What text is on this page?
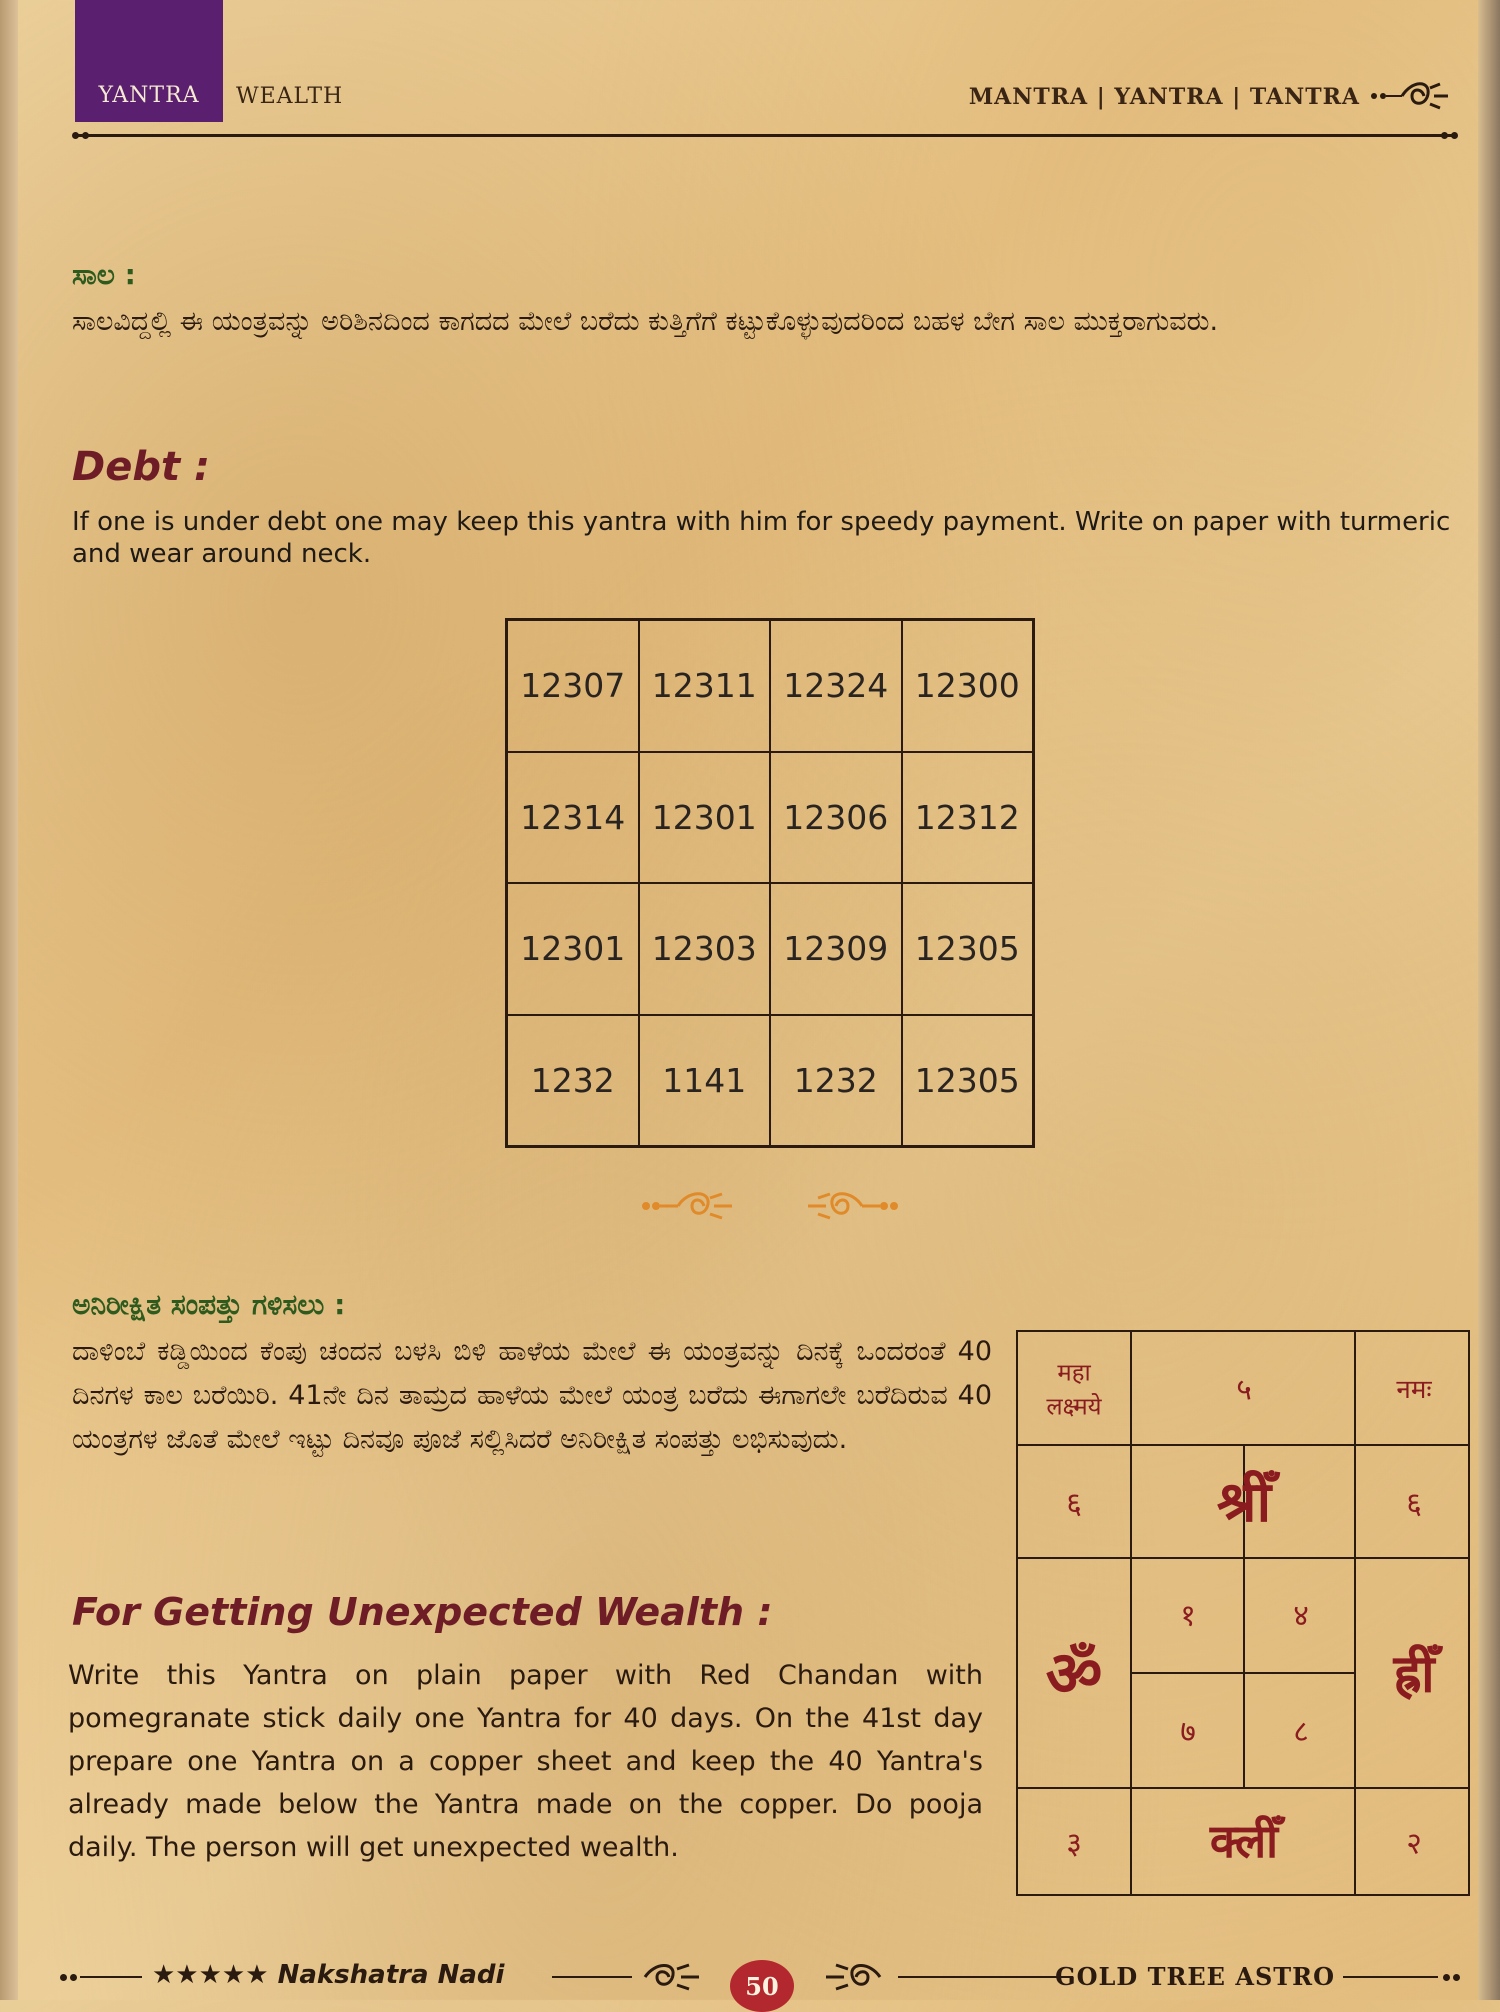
YANTRA	WEALTH	MANTRA | YANTRA | TANTRA
ಸಾಲ :
ಸಾಲವಿದ್ದಲ್ಲಿ ಈ ಯಂತ್ರವನ್ನು ಅರಿಶಿನದಿಂದ ಕಾಗದದ ಮೇಲೆ ಬರೆದು ಕುತ್ತಿಗೆಗೆ ಕಟ್ಟುಕೊಳ್ಳುವುದರಿಂದ ಬಹಳ ಬೇಗ ಸಾಲ ಮುಕ್ತರಾಗುವರು.
Debt :
If one is under debt one may keep this yantra with him for speedy payment. Write on paper with turmeric and wear around neck.
12307 12311 12324 12300
12314 12301 12306 12312
12301 12303 12309 12305
1232	1141	1232	12305
ಅನಿರೀಕ್ಷಿತ ಸಂಪತ್ತು ಗಳಿಸಲು :
ದಾಳಿಂಬೆ ಕಡ್ಡಿಯಿಂದ ಕೆಂಪು ಚಂದನ ಬಳಸಿ ಬಿಳಿ ಹಾಳೆಯ ಮೇಲೆ ಈ ಯಂತ್ರವನ್ನು ದಿನಕ್ಕೆ ಒಂದರಂತೆ 40 ದಿನಗಳ ಕಾಲ ಬರೆಯಿರಿ. 41ನೇ ದಿನ ತಾಮ್ರದ ಹಾಳೆಯ ಮೇಲೆ ಯಂತ್ರ ಬರೆದು ಈಗಾಗಲೇ ಬರೆದಿರುವ 40 ಯಂತ್ರಗಳ ಜೊತೆ ಮೇಲೆ ಇಟ್ಟು ದಿನವೂ ಪೂಜೆ ಸಲ್ಲಿಸಿದರೆ ಅನಿರೀಕ್ಷಿತ ಸಂಪತ್ತು ಲಭಿಸುವುದು.
For Getting Unexpected Wealth :
Write this Yantra on plain paper with Red Chandan with pomegranate stick daily one Yantra for 40 days. On the 41st day prepare one Yantra on a copper sheet and keep the 40 Yantra's already made below the Yantra made on the copper. Do pooja daily. The person will get unexpected wealth.
महा
लक्ष्मये	५	नमः
६ श्रीँ	६
ॐ
१	४
७	८
ह्रीँ
३	क्लीँ	२
★★★★★ Nakshatra Nadi	GOLD TREE ASTRO
50
